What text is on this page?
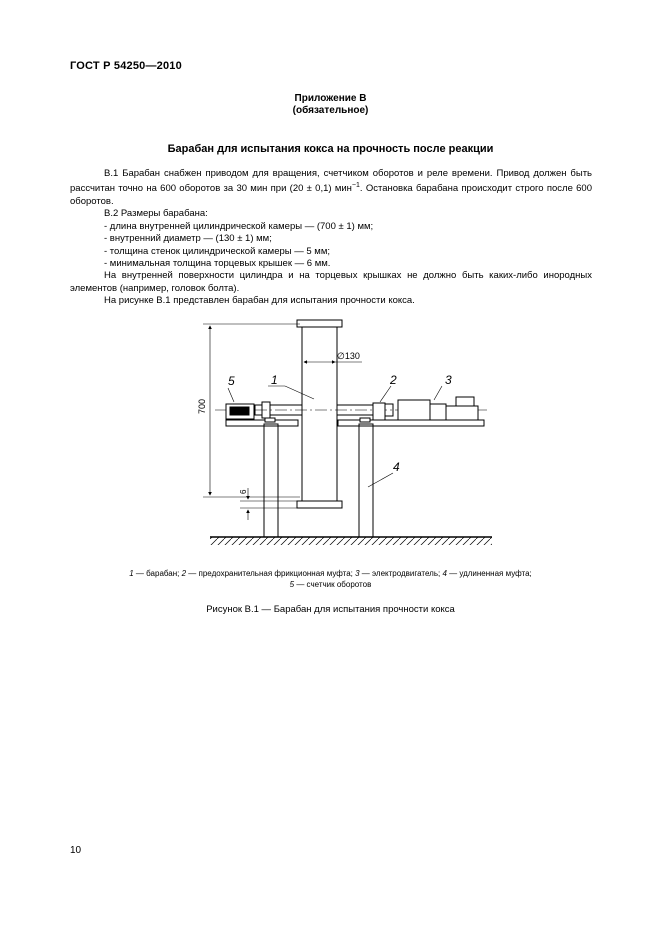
ГОСТ Р 54250—2010
Приложение В
(обязательное)
Барабан для испытания кокса на прочность после реакции

В.1 Барабан снабжен приводом для вращения, счетчиком оборотов и реле времени. Привод должен быть рассчитан точно на 600 оборотов за 30 мин при (20 ± 0,1) мин$^{-1}$. Остановка барабана происходит строго после 600 оборотов.

В.2 Размеры барабана:

- длина внутренней цилиндрической камеры — (700 ± 1) мм;

- внутренний диаметр — (130 ± 1) мм;

- толщина стенок цилиндрической камеры — 5 мм;

- минимальная толщина торцевых крышек — 6 мм.

На внутренней поверхности цилиндра и на торцевых крышках не должно быть каких-либо инородных элементов (например, головок болта).

На рисунке В.1 представлен барабан для испытания прочности кокса.

700
6
∅130
5	1	2	3
4
1 — барабан; 2 — предохранительная фрикционная муфта; 3 — электродвигатель; 4 — удлиненная муфта;
5 — счетчик оборотов
Рисунок В.1 — Барабан для испытания прочности кокса
10
